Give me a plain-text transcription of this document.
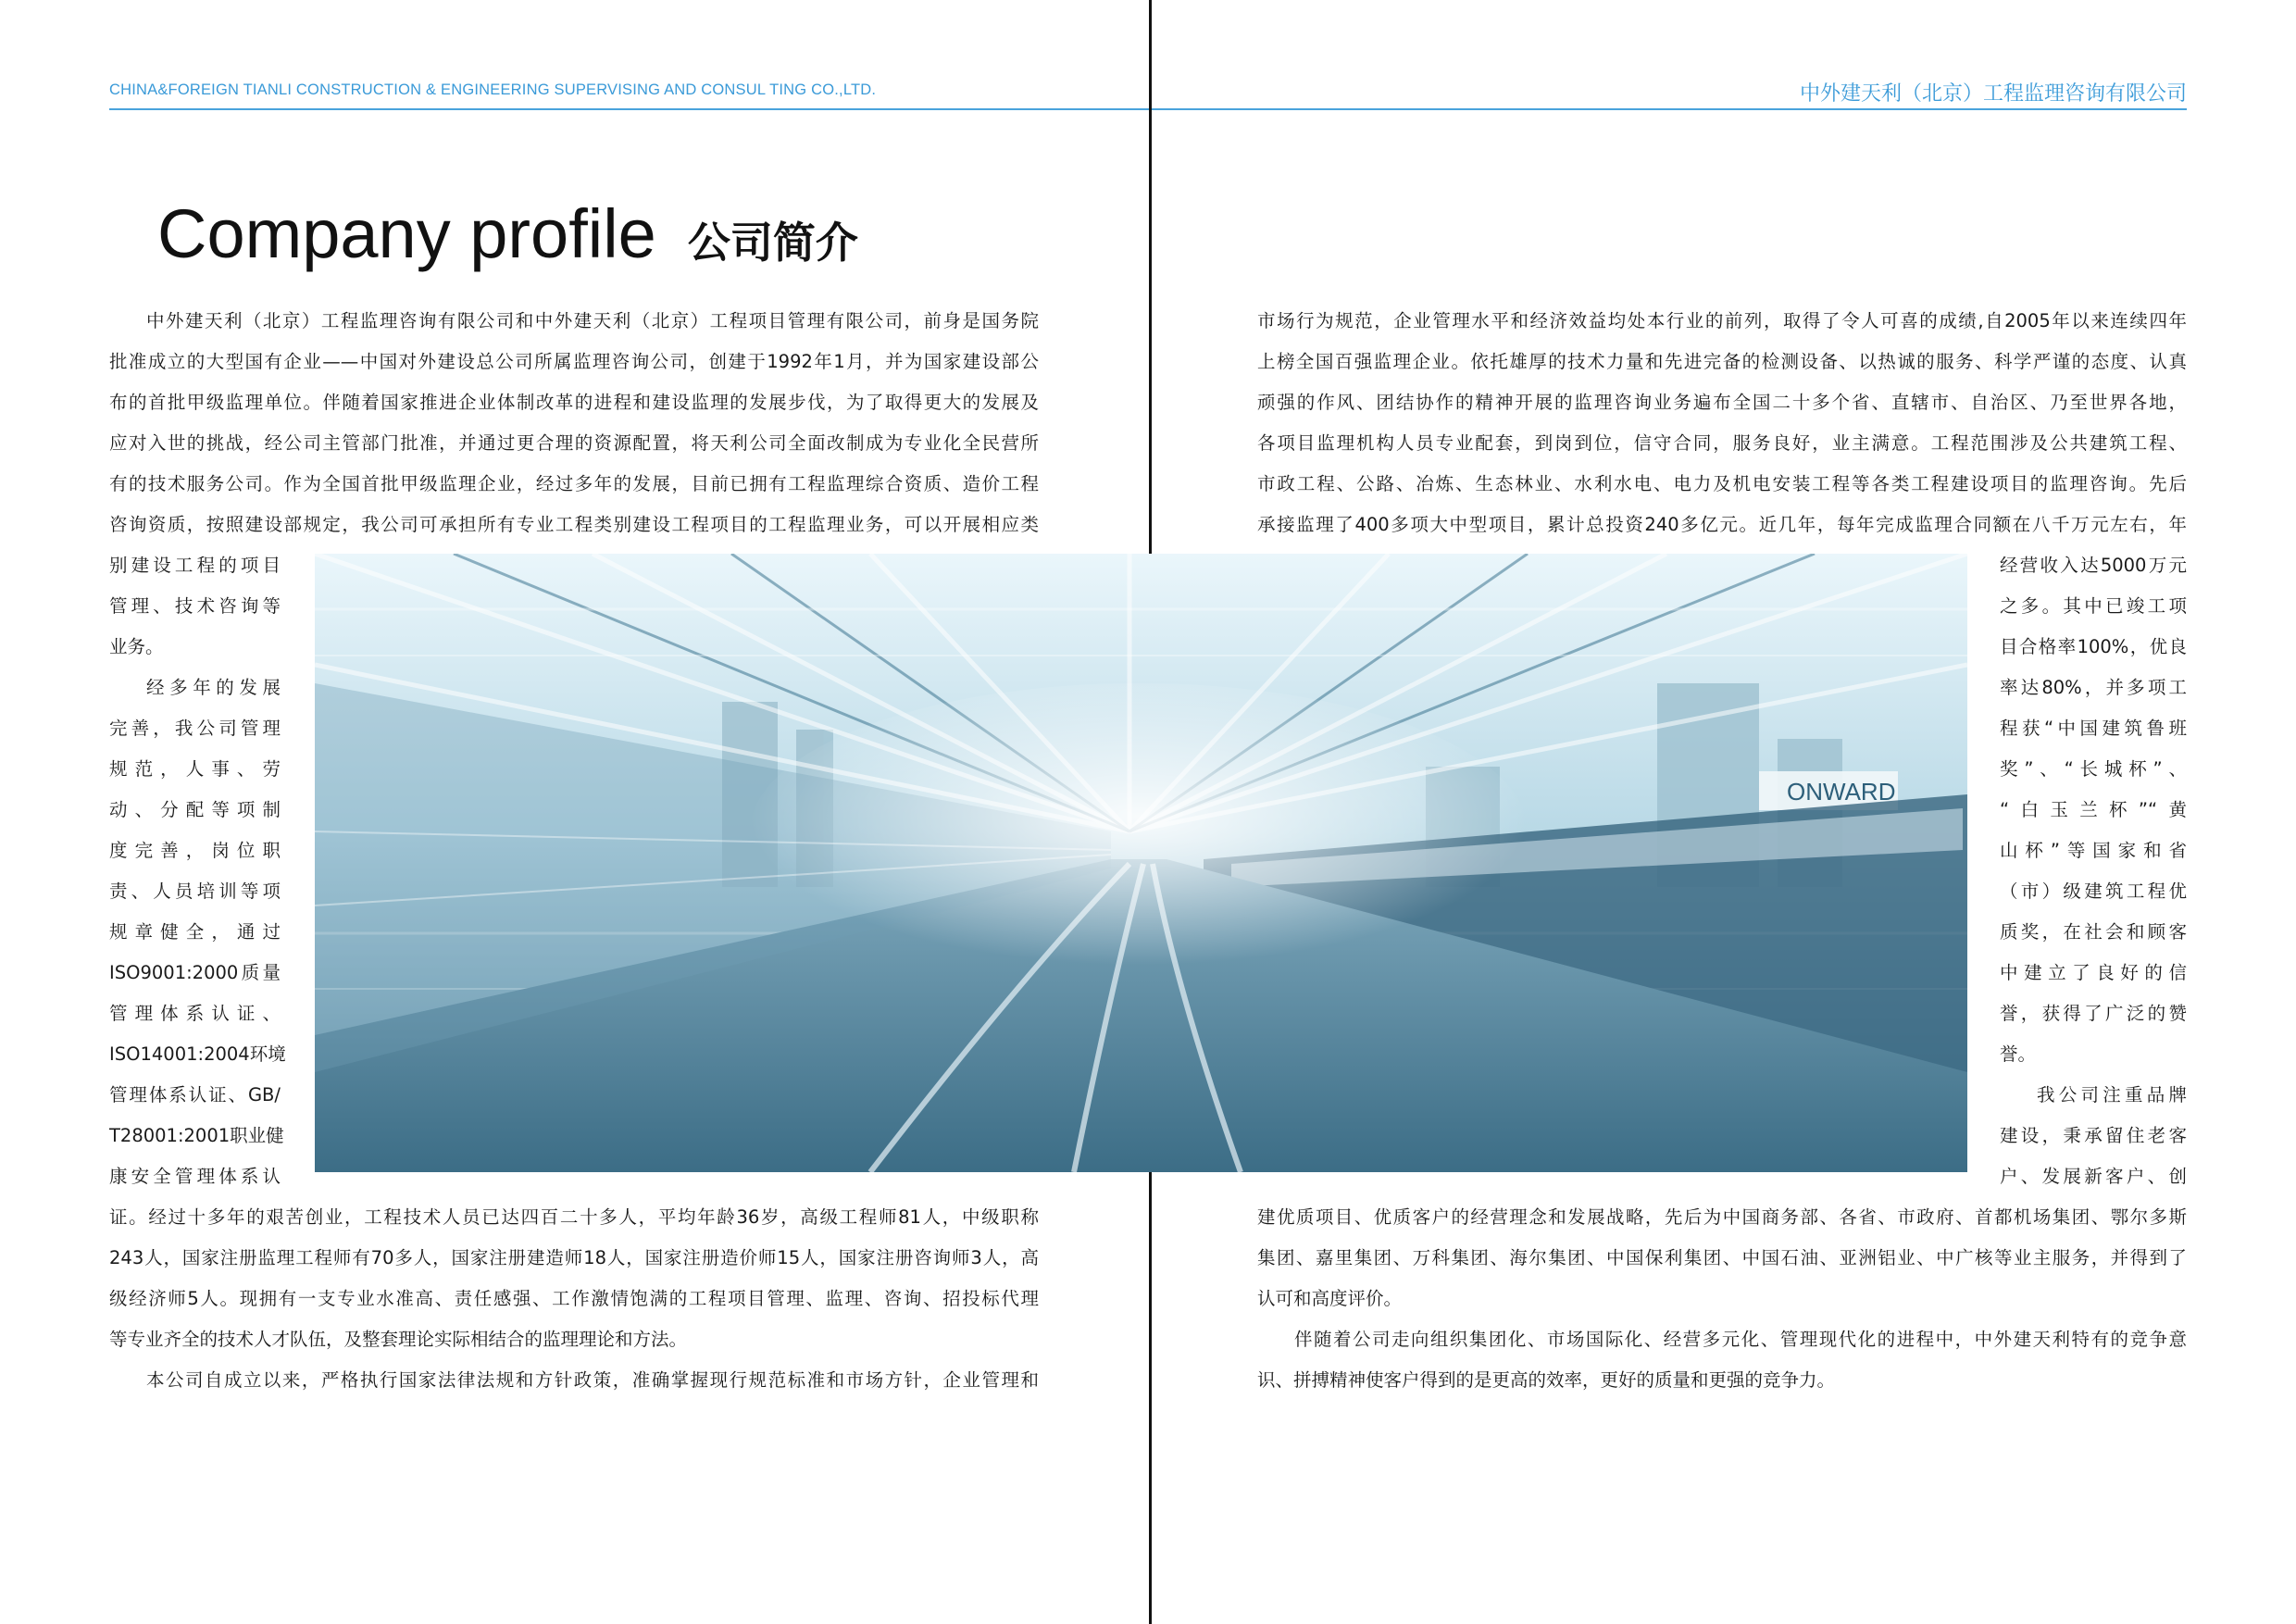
CHINA&FOREIGN TIANLI CONSTRUCTION & ENGINEERING SUPERVISING AND CONSUL TING CO.,LTD.	中外建天利（北京）工程监理咨询有限公司
Company profile 公司简介
中外建天利（北京）工程监理咨询有限公司和中外建天利（北京）工程项目管理有限公司，前身是国务院
批准成立的大型国有企业——中国对外建设总公司所属监理咨询公司，创建于1992年1月，并为国家建设部公
布的首批甲级监理单位。伴随着国家推进企业体制改革的进程和建设监理的发展步伐，为了取得更大的发展及
应对入世的挑战，经公司主管部门批准，并通过更合理的资源配置，将天利公司全面改制成为专业化全民营所
有的技术服务公司。作为全国首批甲级监理企业，经过多年的发展，目前已拥有工程监理综合资质、造价工程
咨询资质，按照建设部规定，我公司可承担所有专业工程类别建设工程项目的工程监理业务，可以开展相应类
别建设工程的项目
管理、技术咨询等
业务。
经多年的发展
完善，我公司管理
规范，人事、劳
动、分配等项制
度完善，岗位职
责、人员培训等项
规章健全，通过
ISO9001:2000质量
管理体系认证、
ISO14001:2004环境
管理体系认证、GB/
T28001:2001职业健
康安全管理体系认
证。经过十多年的艰苦创业，工程技术人员已达四百二十多人，平均年龄36岁，高级工程师81人，中级职称
243人，国家注册监理工程师有70多人，国家注册建造师18人，国家注册造价师15人，国家注册咨询师3人，高
级经济师5人。现拥有一支专业水准高、责任感强、工作激情饱满的工程项目管理、监理、咨询、招投标代理
等专业齐全的技术人才队伍，及整套理论实际相结合的监理理论和方法。
本公司自成立以来，严格执行国家法律法规和方针政策，准确掌握现行规范标准和市场方针，企业管理和
市场行为规范，企业管理水平和经济效益均处本行业的前列，取得了令人可喜的成绩,自2005年以来连续四年
上榜全国百强监理企业。依托雄厚的技术力量和先进完备的检测设备、以热诚的服务、科学严谨的态度、认真
顽强的作风、团结协作的精神开展的监理咨询业务遍布全国二十多个省、直辖市、自治区、乃至世界各地，
各项目监理机构人员专业配套，到岗到位，信守合同，服务良好，业主满意。工程范围涉及公共建筑工程、
市政工程、公路、冶炼、生态林业、水利水电、电力及机电安装工程等各类工程建设项目的监理咨询。先后
承接监理了400多项大中型项目，累计总投资240多亿元。近几年，每年完成监理合同额在八千万元左右，年
经营收入达5000万元
之多。其中已竣工项
目合格率100%，优良
率达80%，并多项工
程获“中国建筑鲁班
奖”、“长城杯”、
“白玉兰杯”“黄
山杯”等国家和省
（市）级建筑工程优
质奖，在社会和顾客
中建立了良好的信
誉，获得了广泛的赞
誉。
我公司注重品牌
建设，秉承留住老客
户、发展新客户、创
建优质项目、优质客户的经营理念和发展战略，先后为中国商务部、各省、市政府、首都机场集团、鄂尔多斯
集团、嘉里集团、万科集团、海尔集团、中国保利集团、中国石油、亚洲铝业、中广核等业主服务，并得到了
认可和高度评价。
伴随着公司走向组织集团化、市场国际化、经营多元化、管理现代化的进程中，中外建天利特有的竞争意
识、拼搏精神使客户得到的是更高的效率，更好的质量和更强的竞争力。
ONWARD
